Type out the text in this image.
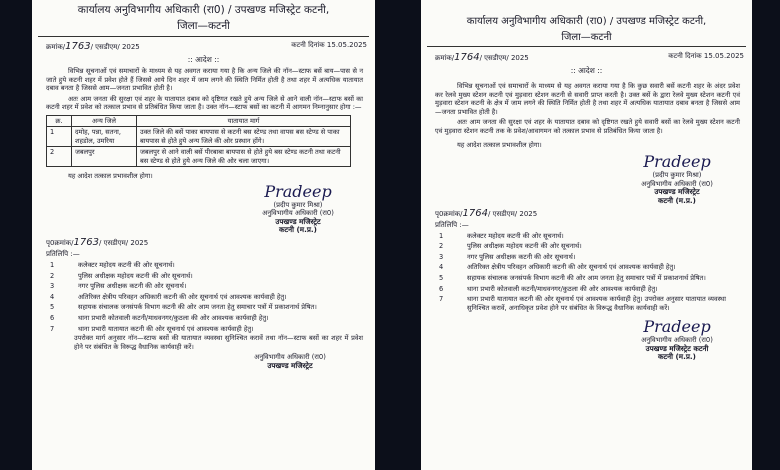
कार्यालय अनुविभागीय अधिकारी (रा0) / उपखण्ड मजिस्ट्रेट कटनी,
जिला—कटनी
क्रमांक/1763/ एसडीएम/ 2025	कटनी दिनांक 15.05.2025
:: आदेश ::
विभिन्न सूचनाओं एवं समाचारों के माध्यम से यह अवगत कराया गया है कि अन्य जिले की नॉन—स्टाफ बसें बाय—पास से न जाते हुये कटनी शहर में प्रवेश होते हैं जिससे आये दिन शहर में जाम लगने की स्थिति निर्मित होती है तथा शहर में अत्यधिक यातायात दबाव बनता है जिससे आम—जनता प्रभावित होती है।
अतः आम जनता की सुरक्षा एवं शहर के यातायात दबाव को दृष्टिगत रखते हुये अन्य जिले से आने वाली नॉन—स्टाफ बसों का कटनी शहर में प्रवेश को तत्काल प्रभाव से प्रतिबंधित किया जाता है। उक्त नॉन—स्टाफ बसों का कटनी में आगमन निम्नानुसार होगा :—
क्र.	अन्य जिले	यातायात मार्ग
1	दमोह, पन्ना, सतना, शहडोल, उमरिया	उक्त जिले की बसें पाका बायपास से कटनी बस स्टेण्ड तथा वापस बस स्टेण्ड से पाका बायपास से होते हुये अन्य जिले की ओर प्रस्थान होंगे।
2	जबलपुर	जबलपुर से आने वाली बसें पीरबाबा बायपास से होते हुये बस स्टेण्ड कटनी तथा कटनी बस स्टेण्ड से होते हुये अन्य जिले की ओर चला जाएगा।
यह आदेश तत्काल प्रभावशील होगा।
Pradeep
(प्रदीप कुमार मिश्रा)
अनुविभागीय अधिकारी (रा0)
उपखण्ड मजिस्ट्रेट
कटनी (म.प्र.)
पृ0क्रमांक/1763/ एसडीएम/ 2025
प्रतिलिपि :—
1	कलेक्टर महोदय कटनी की ओर सूचनार्थ।
2	पुलिस अधीक्षक महोदय कटनी की ओर सूचनार्थ।
3	नगर पुलिस अधीक्षक कटनी की ओर सूचनार्थ।
4	अतिरिक्त क्षेत्रीय परिवहन अधिकारी कटनी की ओर सूचनार्थ एवं आवश्यक कार्यवाही हेतु।
5	सहायक संचालक जनसंपर्क विभाग कटनी की ओर आम जनता हेतु समाचार पत्रों में प्रकाशनार्थ प्रेषित।
6	थाना प्रभारी कोतवाली कटनी/माधवनगर/कुठला की ओर आवश्यक कार्यवाही हेतु।
7	थाना प्रभारी यातायात कटनी की ओर सूचनार्थ एवं आवश्यक कार्यवाही हेतु।
उपरोक्त मार्ग अनुसार नॉन—स्टाफ बसों की यातायात व्यवस्था सुनिश्चित करावें तथा नॉन—स्टाफ बसों का शहर में प्रवेश होने पर संबंधित के विरूद्ध वैधानिक कार्यवाही करें।
अनुविभागीय अधिकारी (रा0)
उपखण्ड मजिस्ट्रेट
कार्यालय अनुविभागीय अधिकारी (रा0) / उपखण्ड मजिस्ट्रेट कटनी,
जिला—कटनी
क्रमांक/1764/ एसडीएम/ 2025	कटनी दिनांक 15.05.2025
:: आदेश ::
विभिन्न सूचनाओं एवं समाचारों के माध्यम से यह अवगत कराया गया है कि कुछ सवारी बसें कटनी शहर के अंदर प्रवेश कर रेलवे मुख्य स्टेशन कटनी एवं मुड़वारा स्टेशन कटनी से सवारी प्राप्त करती है। उक्त बसें के द्वारा रेलवे मुख्य स्टेशन कटनी एवं मुड़वारा स्टेशन कटनी के क्षेत्र में जाम लगने की स्थिति निर्मित होती है तथा शहर में अत्यधिक यातायात दबाव बनता है जिससे आम—जनता प्रभावित होती है।
अतः आम जनता की सुरक्षा एवं शहर के यातायात दबाव को दृष्टिगत रखते हुये सवारी बसों का रेलवे मुख्य स्टेशन कटनी एवं मुड़वारा स्टेशन कटनी तक के प्रवेश/आवागमन को तत्काल प्रभाव से प्रतिबंधित किया जाता है।
यह आदेश तत्काल प्रभावशील होगा।
Pradeep
(प्रदीप कुमार मिश्रा)
अनुविभागीय अधिकारी (रा0)
उपखण्ड मजिस्ट्रेट
कटनी (म.प्र.)
पृ0क्रमांक/1764/ एसडीएम/ 2025
प्रतिलिपि :—
1	कलेक्टर महोदय कटनी की ओर सूचनार्थ।
2	पुलिस अधीक्षक महोदय कटनी की ओर सूचनार्थ।
3	नगर पुलिस अधीक्षक कटनी की ओर सूचनार्थ।
4	अतिरिक्त क्षेत्रीय परिवहन अधिकारी कटनी की ओर सूचनार्थ एवं आवश्यक कार्यवाही हेतु।
5	सहायक संचालक जनसंपर्क विभाग कटनी की ओर आम जनता हेतु समाचार पत्रों में प्रकाशनार्थ प्रेषित।
6	थाना प्रभारी कोतवाली कटनी/माधवनगर/कुठला की ओर आवश्यक कार्यवाही हेतु।
7	थाना प्रभारी यातायात कटनी की ओर सूचनार्थ एवं आवश्यक कार्यवाही हेतु। उपरोक्त अनुसार यातायात व्यवस्था सुनिश्चित करावें, अनाधिकृत प्रवेश होने पर संबंधित के विरूद्ध वैधानिक कार्यवाही करें।
Pradeep
अनुविभागीय अधिकारी (रा0)
उपखण्ड मजिस्ट्रेट कटनी
कटनी (म.प्र.)
